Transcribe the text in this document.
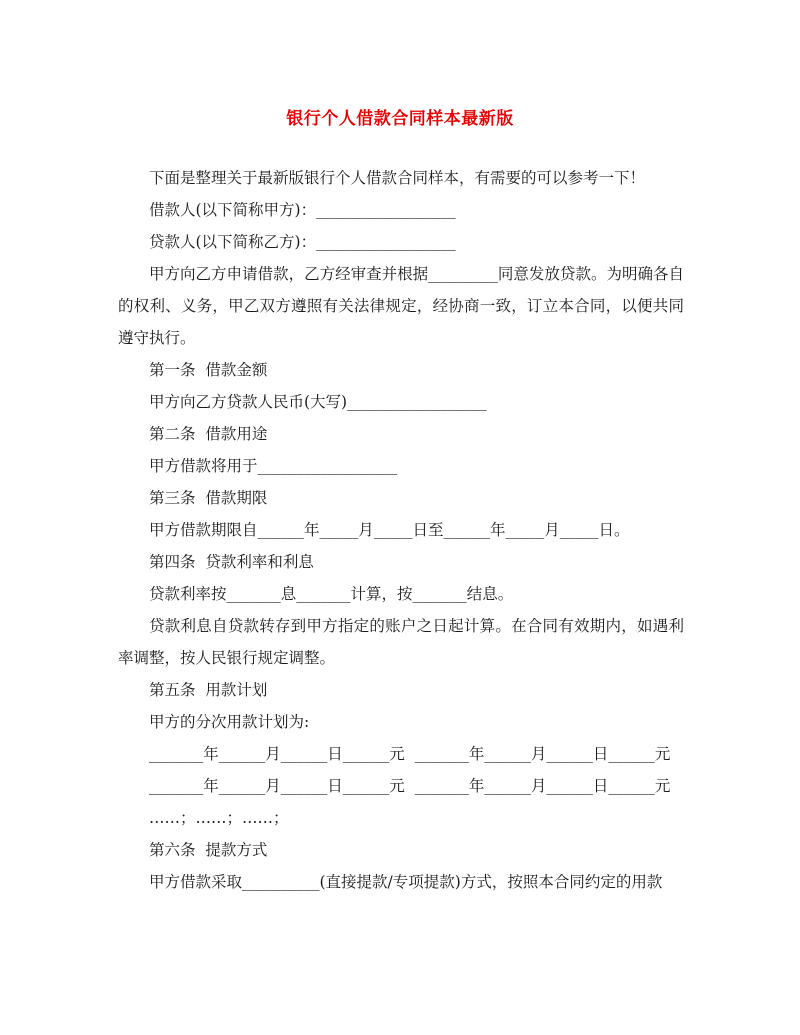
银行个人借款合同样本最新版

下面是整理关于最新版银行个人借款合同样本，有需要的可以参考一下！

借款人(以下简称甲方)：__________________

贷款人(以下简称乙方)：__________________

甲方向乙方申请借款，乙方经审查并根据_________同意发放贷款。为明确各自的权利、义务，甲乙双方遵照有关法律规定，经协商一致，订立本合同，以便共同遵守执行。

第一条  借款金额

甲方向乙方贷款人民币(大写)__________________

第二条  借款用途

甲方借款将用于__________________

第三条  借款期限

甲方借款期限自______年_____月_____日至______年_____月_____日。

第四条  贷款利率和利息

贷款利率按_______息_______计算，按_______结息。

贷款利息自贷款转存到甲方指定的账户之日起计算。在合同有效期内，如遇利率调整，按人民银行规定调整。

第五条  用款计划

甲方的分次用款计划为:

_______年______月______日______元  _______年______月______日______元

_______年______月______日______元  _______年______月______日______元

……；……；……；

第六条  提款方式

甲方借款采取__________(直接提款/专项提款)方式，按照本合同约定的用款
